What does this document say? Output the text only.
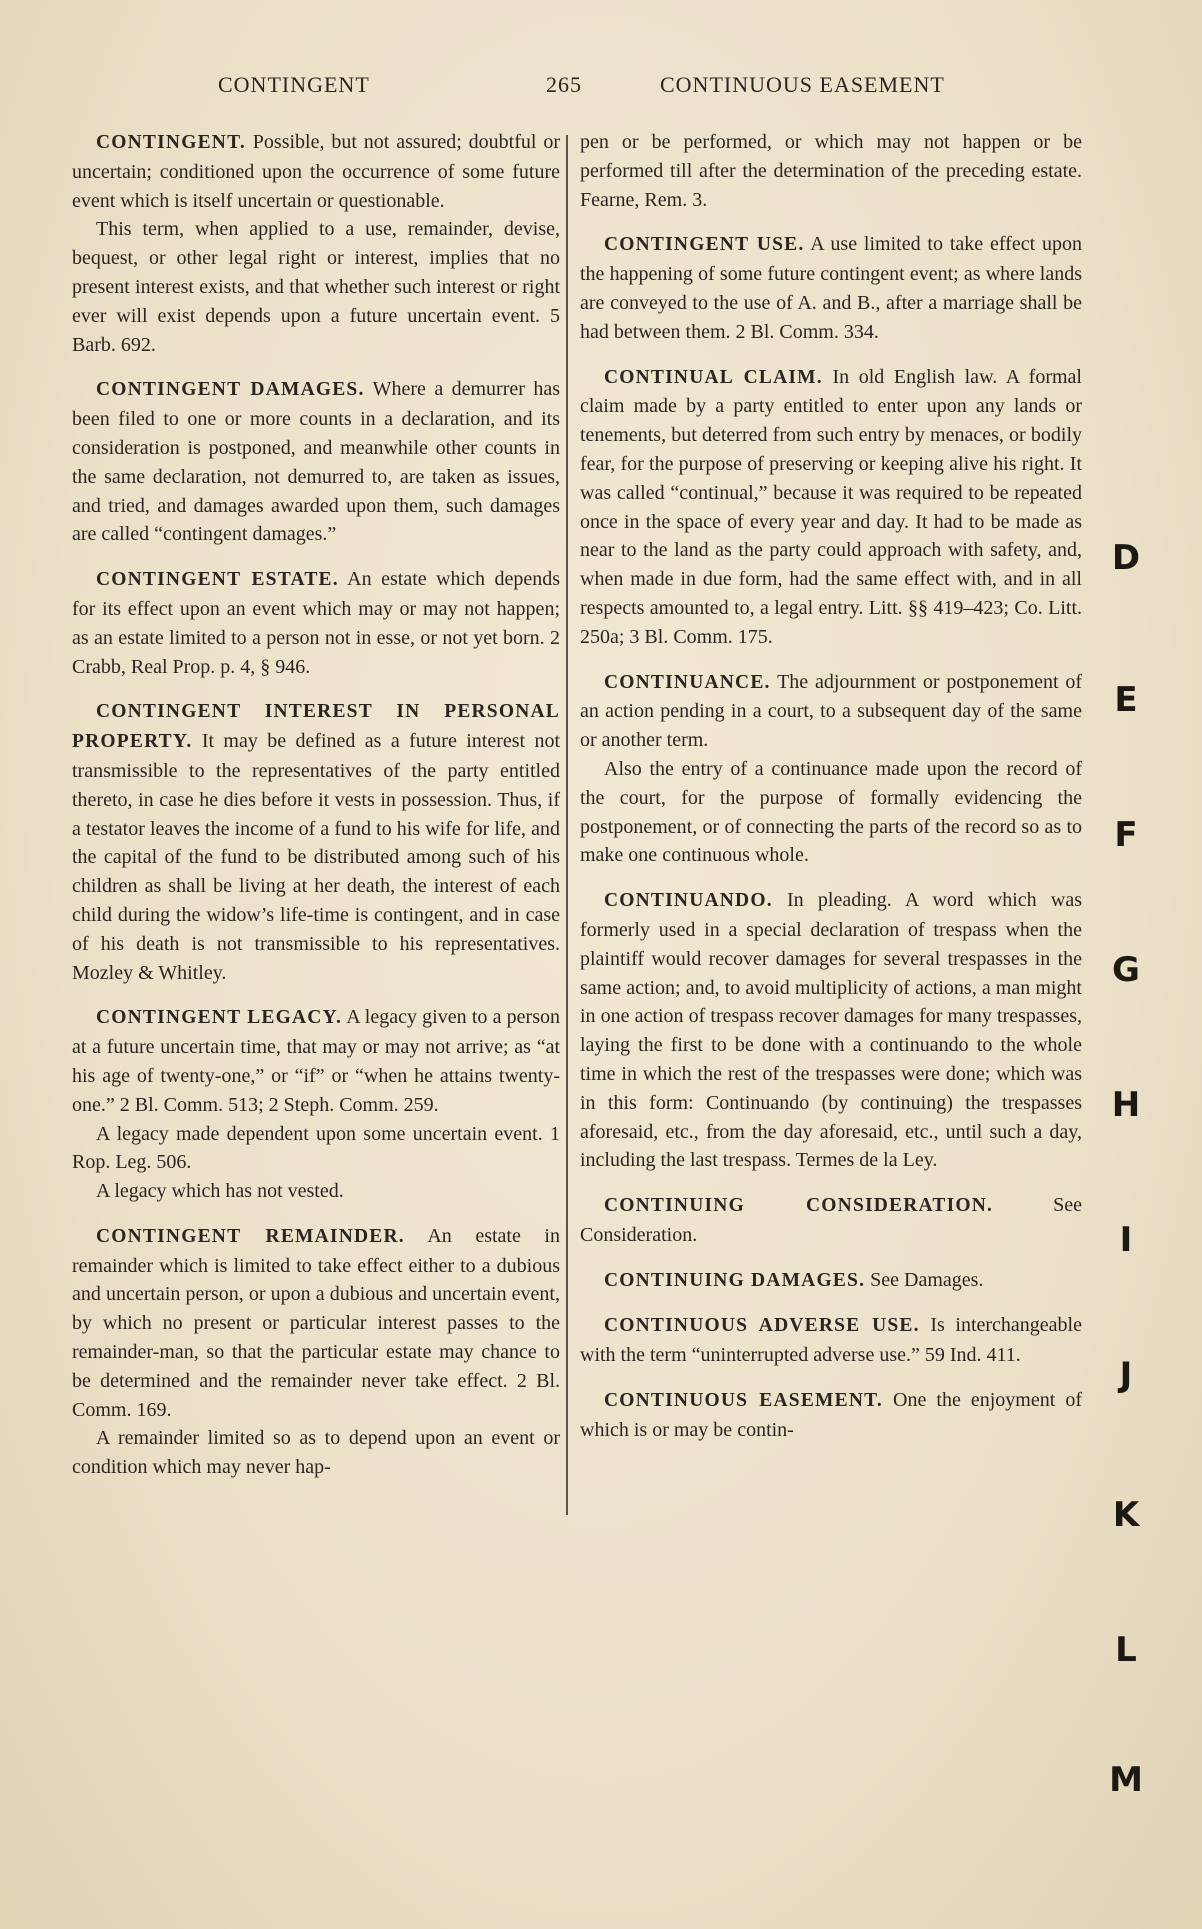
CONTINGENT	265	CONTINUOUS EASEMENT

CONTINGENT. Possible, but not assured; doubtful or uncertain; conditioned upon the occurrence of some future event which is itself uncertain or questionable.

This term, when applied to a use, remainder, devise, bequest, or other legal right or interest, implies that no present interest exists, and that whether such interest or right ever will exist depends upon a future uncertain event. 5 Barb. 692.

CONTINGENT DAMAGES. Where a demurrer has been filed to one or more counts in a declaration, and its consideration is postponed, and meanwhile other counts in the same declaration, not demurred to, are taken as issues, and tried, and damages awarded upon them, such damages are called “contingent damages.”
CONTINGENT ESTATE. An estate which depends for its effect upon an event which may or may not happen; as an estate limited to a person not in esse, or not yet born. 2 Crabb, Real Prop. p. 4, § 946.
CONTINGENT INTEREST IN PERSONAL PROPERTY. It may be defined as a future interest not transmissible to the representatives of the party entitled thereto, in case he dies before it vests in possession. Thus, if a testator leaves the income of a fund to his wife for life, and the capital of the fund to be distributed among such of his children as shall be living at her death, the interest of each child during the widow’s life-time is contingent, and in case of his death is not transmissible to his representatives. Mozley & Whitley.

CONTINGENT LEGACY. A legacy given to a person at a future uncertain time, that may or may not arrive; as “at his age of twenty-one,” or “if” or “when he attains twenty-one.” 2 Bl. Comm. 513; 2 Steph. Comm. 259.

A legacy made dependent upon some uncertain event. 1 Rop. Leg. 506.

A legacy which has not vested.

CONTINGENT REMAINDER. An estate in remainder which is limited to take effect either to a dubious and uncertain person, or upon a dubious and uncertain event, by which no present or particular interest passes to the remainder-man, so that the particular estate may chance to be determined and the remainder never take effect. 2 Bl. Comm. 169.

A remainder limited so as to depend upon an event or condition which may never hap-

pen or be performed, or which may not happen or be performed till after the determination of the preceding estate. Fearne, Rem. 3.
CONTINGENT USE. A use limited to take effect upon the happening of some future contingent event; as where lands are conveyed to the use of A. and B., after a marriage shall be had between them. 2 Bl. Comm. 334.
CONTINUAL CLAIM. In old English law. A formal claim made by a party entitled to enter upon any lands or tenements, but deterred from such entry by menaces, or bodily fear, for the purpose of preserving or keeping alive his right. It was called “continual,” because it was required to be repeated once in the space of every year and day. It had to be made as near to the land as the party could approach with safety, and, when made in due form, had the same effect with, and in all respects amounted to, a legal entry. Litt. §§ 419–423; Co. Litt. 250a; 3 Bl. Comm. 175.

CONTINUANCE. The adjournment or postponement of an action pending in a court, to a subsequent day of the same or another term.

Also the entry of a continuance made upon the record of the court, for the purpose of formally evidencing the postponement, or of connecting the parts of the record so as to make one continuous whole.

CONTINUANDO. In pleading. A word which was formerly used in a special declaration of trespass when the plaintiff would recover damages for several trespasses in the same action; and, to avoid multiplicity of actions, a man might in one action of trespass recover damages for many trespasses, laying the first to be done with a continuando to the whole time in which the rest of the trespasses were done; which was in this form: Continuando (by continuing) the trespasses aforesaid, etc., from the day aforesaid, etc., until such a day, including the last trespass. Termes de la Ley.
CONTINUING CONSIDERATION. See Consideration.
CONTINUING DAMAGES. See Damages.
CONTINUOUS ADVERSE USE. Is interchangeable with the term “uninterrupted adverse use.” 59 Ind. 411.
CONTINUOUS EASEMENT. One the enjoyment of which is or may be contin-
D
E
F
G
H
I
J
K
L
M
